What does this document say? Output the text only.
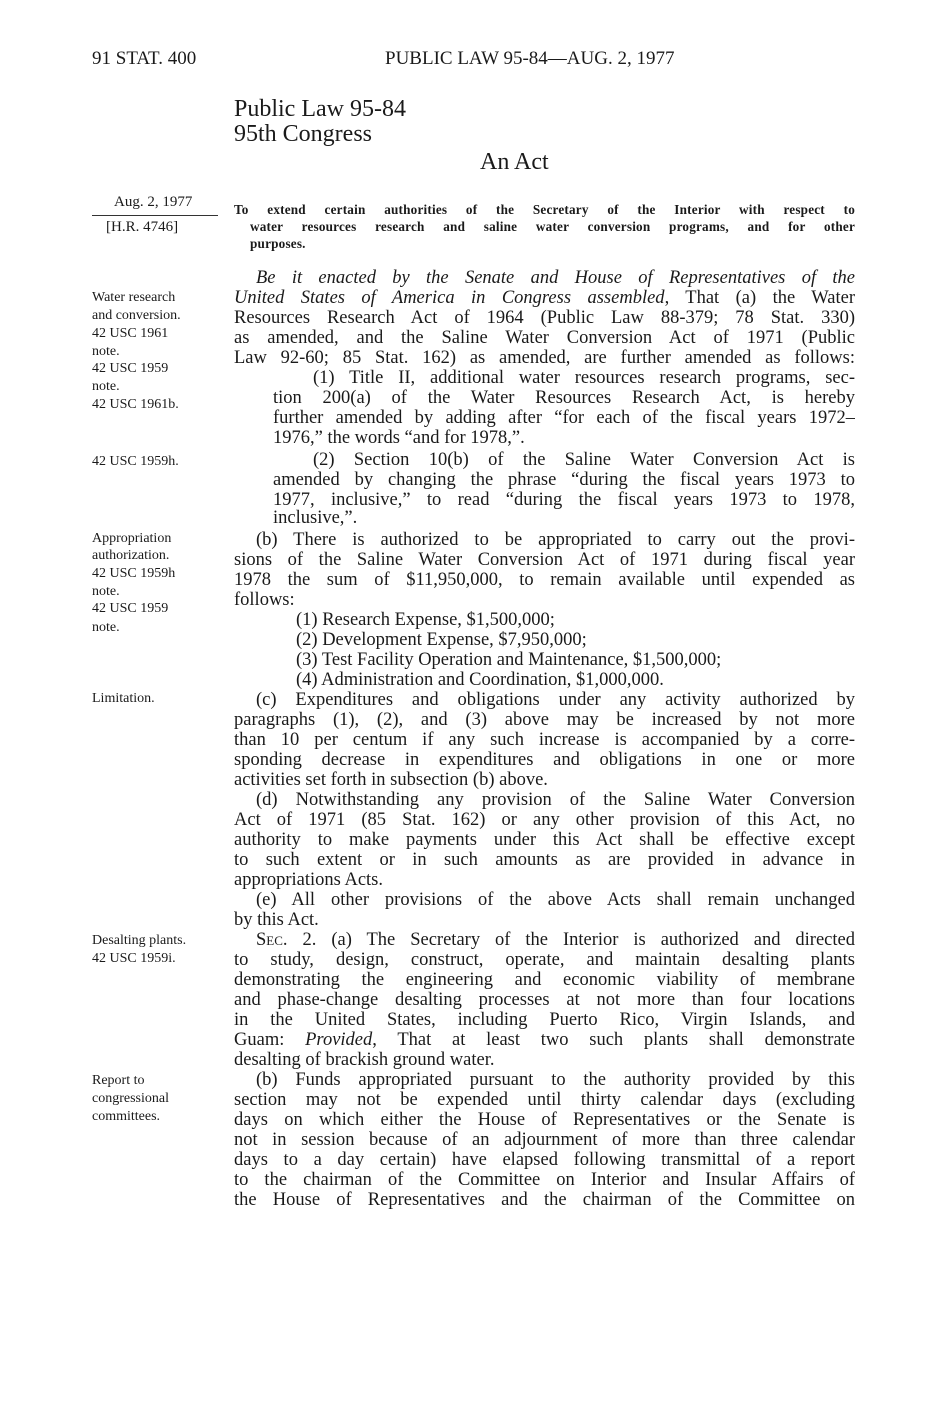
91 STAT. 400	PUBLIC LAW 95-84—AUG. 2, 1977
Public Law 95-84
95th Congress
An Act
Aug. 2, 1977
[H.R. 4746]
To extend certain authorities of the Secretary of the Interior with respect to
water resources research and saline water conversion programs, and for other
purposes.
Water research
and conversion.
42 USC 1961
note.
42 USC 1959
note.
42 USC 1961b.
42 USC 1959h.
Appropriation
authorization.
42 USC 1959h
note.
42 USC 1959
note.
Limitation.
Desalting plants.
42 USC 1959i.
Report to
congressional
committees.
Be it enacted by the Senate and House of Representatives of the
United States of America in Congress assembled, That (a) the Water
Resources Research Act of 1964 (Public Law 88-379; 78 Stat. 330)
as amended, and the Saline Water Conversion Act of 1971 (Public
Law 92-60; 85 Stat. 162) as amended, are further amended as follows:
(1) Title II, additional water resources research programs, sec-
tion 200(a) of the Water Resources Research Act, is hereby
further amended by adding after “for each of the fiscal years 1972–
1976,” the words “and for 1978,”.
(2) Section 10(b) of the Saline Water Conversion Act is
amended by changing the phrase “during the fiscal years 1973 to
1977, inclusive,” to read “during the fiscal years 1973 to 1978,
inclusive,”.
(b) There is authorized to be appropriated to carry out the provi-
sions of the Saline Water Conversion Act of 1971 during fiscal year
1978 the sum of $11,950,000, to remain available until expended as
follows:
(1) Research Expense, $1,500,000;
(2) Development Expense, $7,950,000;
(3) Test Facility Operation and Maintenance, $1,500,000;
(4) Administration and Coordination, $1,000,000.
(c) Expenditures and obligations under any activity authorized by
paragraphs (1), (2), and (3) above may be increased by not more
than 10 per centum if any such increase is accompanied by a corre-
sponding decrease in expenditures and obligations in one or more
activities set forth in subsection (b) above.
(d) Notwithstanding any provision of the Saline Water Conversion
Act of 1971 (85 Stat. 162) or any other provision of this Act, no
authority to make payments under this Act shall be effective except
to such extent or in such amounts as are provided in advance in
appropriations Acts.
(e) All other provisions of the above Acts shall remain unchanged
by this Act.
Sec. 2. (a) The Secretary of the Interior is authorized and directed
to study, design, construct, operate, and maintain desalting plants
demonstrating the engineering and economic viability of membrane
and phase-change desalting processes at not more than four locations
in the United States, including Puerto Rico, Virgin Islands, and
Guam: Provided, That at least two such plants shall demonstrate
desalting of brackish ground water.
(b) Funds appropriated pursuant to the authority provided by this
section may not be expended until thirty calendar days (excluding
days on which either the House of Representatives or the Senate is
not in session because of an adjournment of more than three calendar
days to a day certain) have elapsed following transmittal of a report
to the chairman of the Committee on Interior and Insular Affairs of
the House of Representatives and the chairman of the Committee on
